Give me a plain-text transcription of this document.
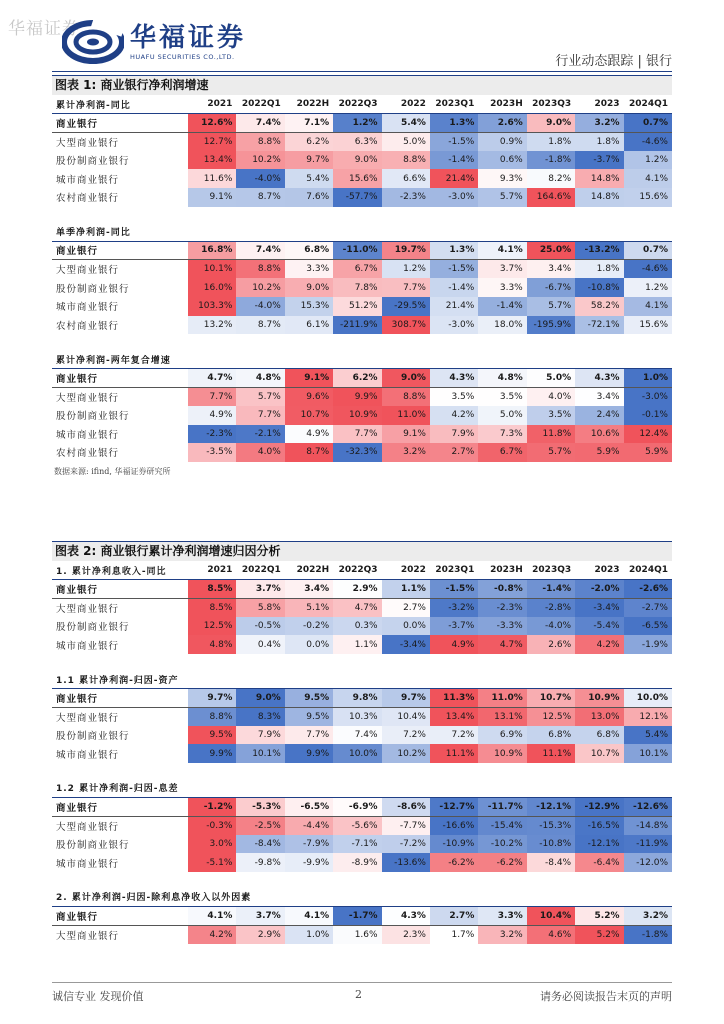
华福证券 华福证券
HUAFU SECURITIES CO.,LTD.	行业动态跟踪 | 银行
图表 1: 商业银行净利润增速
累计净利润-同比	2021	2022Q1	2022H	2022Q3	2022	2023Q1	2023H	2023Q3	2023	2024Q1
商业银行	12.6%	7.4%	7.1%	1.2%	5.4%	1.3%	2.6%	9.0%	3.2%	0.7%
大型商业银行	12.7%	8.8%	6.2%	6.3%	5.0%	-1.5%	0.9%	1.8%	1.8%	-4.6%
股份制商业银行	13.4%	10.2%	9.7%	9.0%	8.8%	-1.4%	0.6%	-1.8%	-3.7%	1.2%
城市商业银行	11.6%	-4.0%	5.4%	15.6%	6.6%	21.4%	9.3%	8.2%	14.8%	4.1%
农村商业银行	9.1%	8.7%	7.6%	-57.7%	-2.3%	-3.0%	5.7%	164.6%	14.8%	15.6%

单季净利润-同比										
商业银行	16.8%	7.4%	6.8%	-11.0%	19.7%	1.3%	4.1%	25.0%	-13.2%	0.7%
大型商业银行	10.1%	8.8%	3.3%	6.7%	1.2%	-1.5%	3.7%	3.4%	1.8%	-4.6%
股份制商业银行	16.0%	10.2%	9.0%	7.8%	7.7%	-1.4%	3.3%	-6.7%	-10.8%	1.2%
城市商业银行	103.3%	-4.0%	15.3%	51.2%	-29.5%	21.4%	-1.4%	5.7%	58.2%	4.1%
农村商业银行	13.2%	8.7%	6.1%	-211.9%	308.7%	-3.0%	18.0%	-195.9%	-72.1%	15.6%

累计净利润-两年复合增速										
商业银行	4.7%	4.8%	9.1%	6.2%	9.0%	4.3%	4.8%	5.0%	4.3%	1.0%
大型商业银行	7.7%	5.7%	9.6%	9.9%	8.8%	3.5%	3.5%	4.0%	3.4%	-3.0%
股份制商业银行	4.9%	7.7%	10.7%	10.9%	11.0%	4.2%	5.0%	3.5%	2.4%	-0.1%
城市商业银行	-2.3%	-2.1%	4.9%	7.7%	9.1%	7.9%	7.3%	11.8%	10.6%	12.4%
农村商业银行	-3.5%	4.0%	8.7%	-32.3%	3.2%	2.7%	6.7%	5.7%	5.9%	5.9%
数据来源: ifind, 华福证券研究所
图表 2: 商业银行累计净利润增速归因分析
1. 累计净利息收入-同比	2021	2022Q1	2022H	2022Q3	2022	2023Q1	2023H	2023Q3	2023	2024Q1
商业银行	8.5%	3.7%	3.4%	2.9%	1.1%	-1.5%	-0.8%	-1.4%	-2.0%	-2.6%
大型商业银行	8.5%	5.8%	5.1%	4.7%	2.7%	-3.2%	-2.3%	-2.8%	-3.4%	-2.7%
股份制商业银行	12.5%	-0.5%	-0.2%	0.3%	0.0%	-3.7%	-3.3%	-4.0%	-5.4%	-6.5%
城市商业银行	4.8%	0.4%	0.0%	1.1%	-3.4%	4.9%	4.7%	2.6%	4.2%	-1.9%

1.1 累计净利润-归因-资产										
商业银行	9.7%	9.0%	9.5%	9.8%	9.7%	11.3%	11.0%	10.7%	10.9%	10.0%
大型商业银行	8.8%	8.3%	9.5%	10.3%	10.4%	13.4%	13.1%	12.5%	13.0%	12.1%
股份制商业银行	9.5%	7.9%	7.7%	7.4%	7.2%	7.2%	6.9%	6.8%	6.8%	5.4%
城市商业银行	9.9%	10.1%	9.9%	10.0%	10.2%	11.1%	10.9%	11.1%	10.7%	10.1%

1.2 累计净利润-归因-息差										
商业银行	-1.2%	-5.3%	-6.5%	-6.9%	-8.6%	-12.7%	-11.7%	-12.1%	-12.9%	-12.6%
大型商业银行	-0.3%	-2.5%	-4.4%	-5.6%	-7.7%	-16.6%	-15.4%	-15.3%	-16.5%	-14.8%
股份制商业银行	3.0%	-8.4%	-7.9%	-7.1%	-7.2%	-10.9%	-10.2%	-10.8%	-12.1%	-11.9%
城市商业银行	-5.1%	-9.8%	-9.9%	-8.9%	-13.6%	-6.2%	-6.2%	-8.4%	-6.4%	-12.0%

2. 累计净利润-归因-除利息净收入以外因素										
商业银行	4.1%	3.7%	4.1%	-1.7%	4.3%	2.7%	3.3%	10.4%	5.2%	3.2%
大型商业银行	4.2%	2.9%	1.0%	1.6%	2.3%	1.7%	3.2%	4.6%	5.2%	-1.8%
诚信专业 发现价值	2	请务必阅读报告末页的声明
